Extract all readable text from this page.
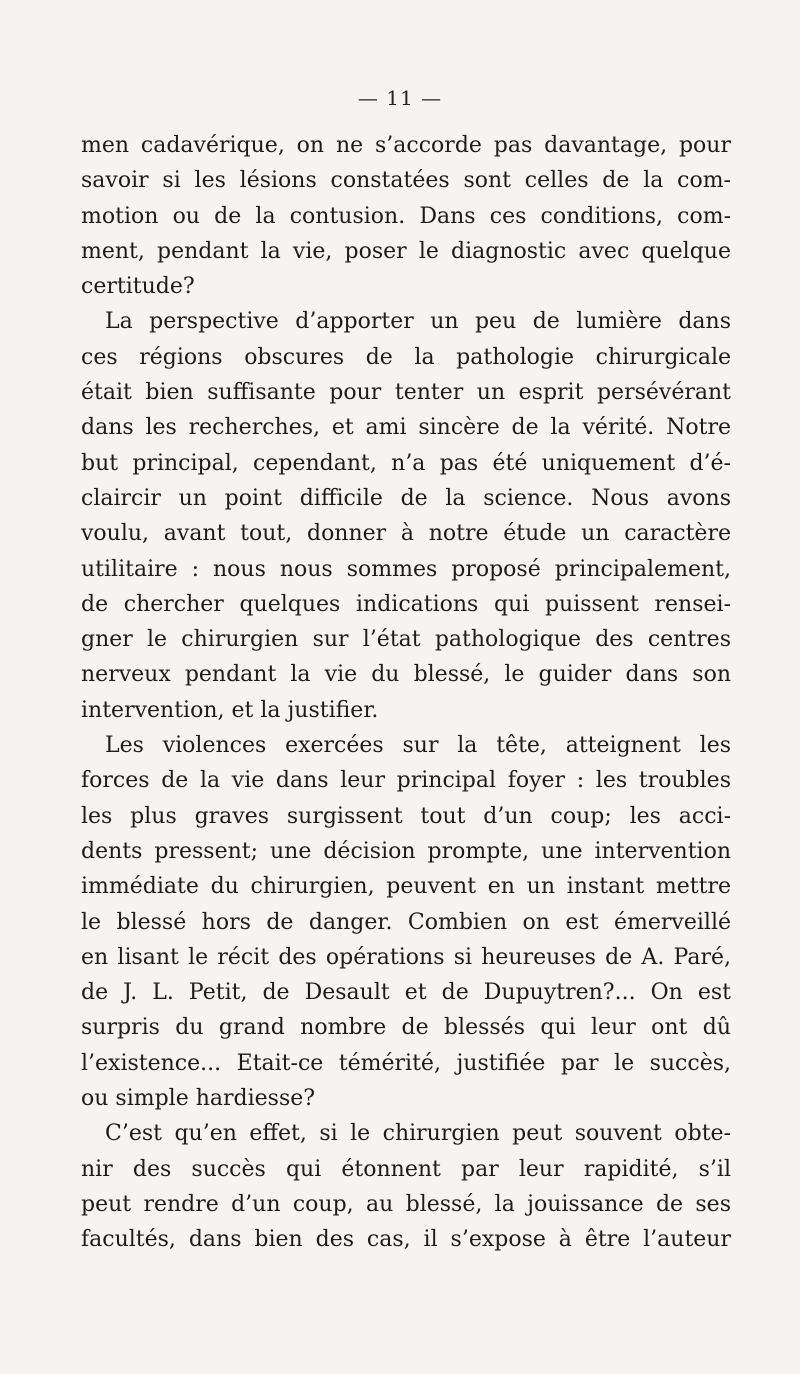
— 11 —
men cadavérique, on ne s’accorde pas davantage, pour
savoir si les lésions constatées sont celles de la com-
motion ou de la contusion. Dans ces conditions, com-
ment, pendant la vie, poser le diagnostic avec quelque
certitude?
La perspective d’apporter un peu de lumière dans
ces régions obscures de la pathologie chirurgicale
était bien suffisante pour tenter un esprit persévérant
dans les recherches, et ami sincère de la vérité. Notre
but principal, cependant, n’a pas été uniquement d’é-
claircir un point difficile de la science. Nous avons
voulu, avant tout, donner à notre étude un caractère
utilitaire : nous nous sommes proposé principalement,
de chercher quelques indications qui puissent rensei-
gner le chirurgien sur l’état pathologique des centres
nerveux pendant la vie du blessé, le guider dans son
intervention, et la justifier.
Les violences exercées sur la tête, atteignent les
forces de la vie dans leur principal foyer : les troubles
les plus graves surgissent tout d’un coup; les acci-
dents pressent; une décision prompte, une intervention
immédiate du chirurgien, peuvent en un instant mettre
le blessé hors de danger. Combien on est émerveillé
en lisant le récit des opérations si heureuses de A. Paré,
de J. L. Petit, de Desault et de Dupuytren?... On est
surpris du grand nombre de blessés qui leur ont dû
l’existence... Etait-ce témérité, justifiée par le succès,
ou simple hardiesse?
C’est qu’en effet, si le chirurgien peut souvent obte-
nir des succès qui étonnent par leur rapidité, s’il
peut rendre d’un coup, au blessé, la jouissance de ses
facultés, dans bien des cas, il s’expose à être l’auteur
